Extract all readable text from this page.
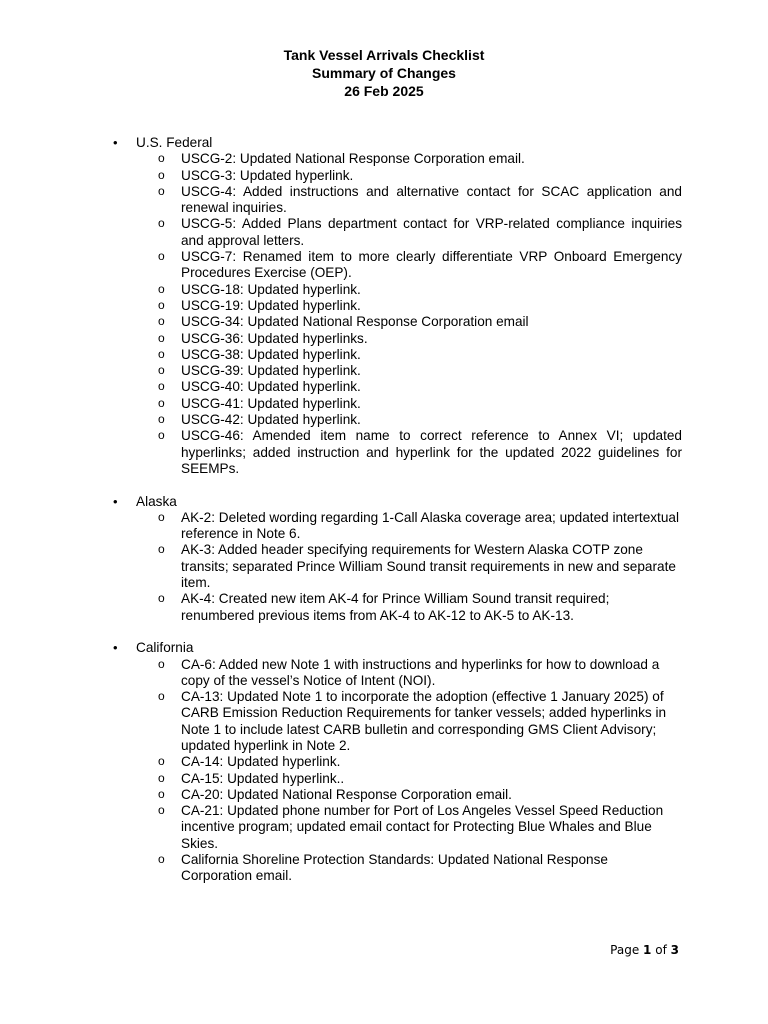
Tank Vessel Arrivals Checklist
Summary of Changes
26 Feb 2025
• U.S. Federal
o USCG-2: Updated National Response Corporation email.
o USCG-3: Updated hyperlink.
o USCG-4: Added instructions and alternative contact for SCAC application and renewal inquiries.
o USCG-5: Added Plans department contact for VRP-related compliance inquiries and approval letters.
o USCG-7: Renamed item to more clearly differentiate VRP Onboard Emergency Procedures Exercise (OEP).
o USCG-18: Updated hyperlink.
o USCG-19: Updated hyperlink.
o USCG-34: Updated National Response Corporation email
o USCG-36: Updated hyperlinks.
o USCG-38: Updated hyperlink.
o USCG-39: Updated hyperlink.
o USCG-40: Updated hyperlink.
o USCG-41: Updated hyperlink.
o USCG-42: Updated hyperlink.
o USCG-46: Amended item name to correct reference to Annex VI; updated hyperlinks; added instruction and hyperlink for the updated 2022 guidelines for SEEMPs.
• Alaska
o AK-2: Deleted wording regarding 1-Call Alaska coverage area; updated intertextual reference in Note 6.
o AK-3: Added header specifying requirements for Western Alaska COTP zone transits; separated Prince William Sound transit requirements in new and separate item.
o AK-4: Created new item AK-4 for Prince William Sound transit required; renumbered previous items from AK-4 to AK-12 to AK-5 to AK-13.
• California
o CA-6: Added new Note 1 with instructions and hyperlinks for how to download a copy of the vessel’s Notice of Intent (NOI).
o CA-13: Updated Note 1 to incorporate the adoption (effective 1 January 2025) of CARB Emission Reduction Requirements for tanker vessels; added hyperlinks in Note 1 to include latest CARB bulletin and corresponding GMS Client Advisory; updated hyperlink in Note 2.
o CA-14: Updated hyperlink.
o CA-15: Updated hyperlink..
o CA-20: Updated National Response Corporation email.
o CA-21: Updated phone number for Port of Los Angeles Vessel Speed Reduction incentive program; updated email contact for Protecting Blue Whales and Blue Skies.
o California Shoreline Protection Standards: Updated National Response Corporation email.
Page 1 of 3
